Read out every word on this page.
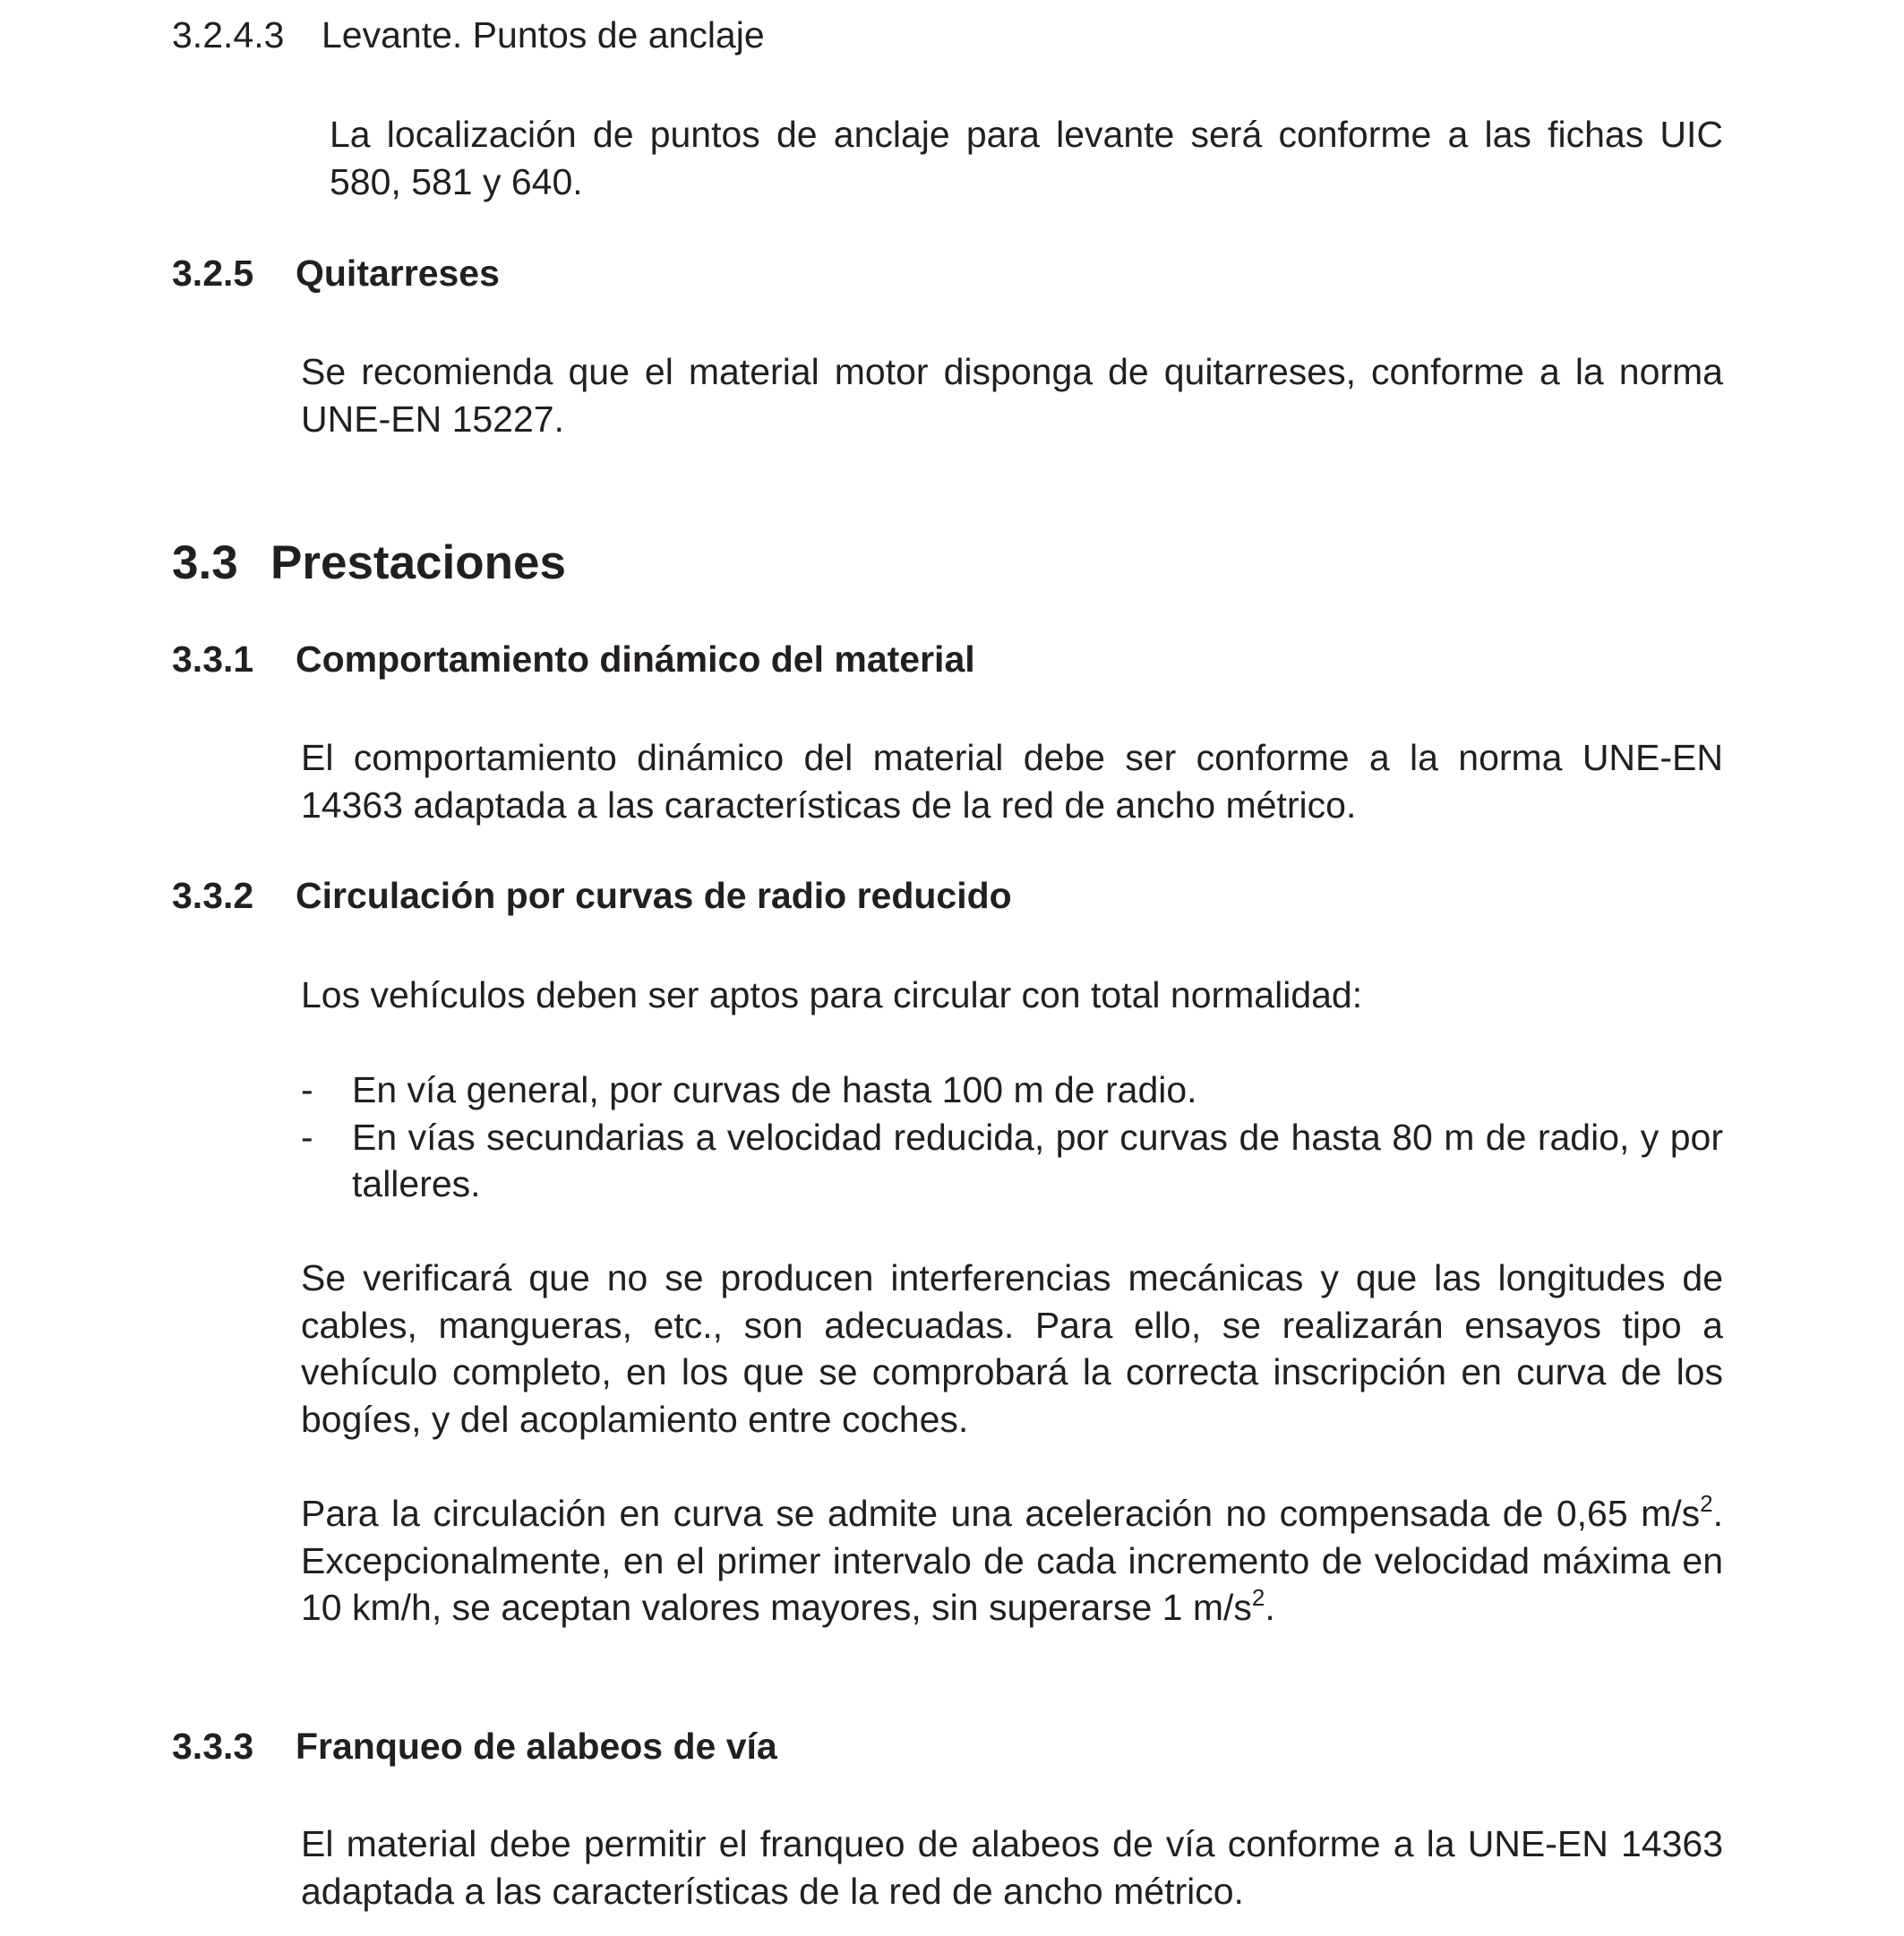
3.2.4.3 Levante. Puntos de anclaje

La localización de puntos de anclaje para levante será conforme a las fichas UIC 580, 581 y 640.

3.2.5 Quitarreses

Se recomienda que el material motor disponga de quitarreses, conforme a la norma UNE-EN 15227.

3.3 Prestaciones
3.3.1 Comportamiento dinámico del material

El comportamiento dinámico del material debe ser conforme a la norma UNE-EN 14363 adaptada a las características de la red de ancho métrico.

3.3.2 Circulación por curvas de radio reducido

Los vehículos deben ser aptos para circular con total normalidad:

- En vía general, por curvas de hasta 100 m de radio.
- En vías secundarias a velocidad reducida, por curvas de hasta 80 m de radio, y por talleres.

Se verificará que no se producen interferencias mecánicas y que las longitudes de cables, mangueras, etc., son adecuadas. Para ello, se realizarán ensayos tipo a vehículo completo, en los que se comprobará la correcta inscripción en curva de los bogíes, y del acoplamiento entre coches.

Para la circulación en curva se admite una aceleración no compensada de 0,65 $m/s^2$. Excepcionalmente, en el primer intervalo de cada incremento de velocidad máxima en 10 km/h, se aceptan valores mayores, sin superarse 1 $m/s^2$.

3.3.3 Franqueo de alabeos de vía

El material debe permitir el franqueo de alabeos de vía conforme a la UNE-EN 14363 adaptada a las características de la red de ancho métrico.
